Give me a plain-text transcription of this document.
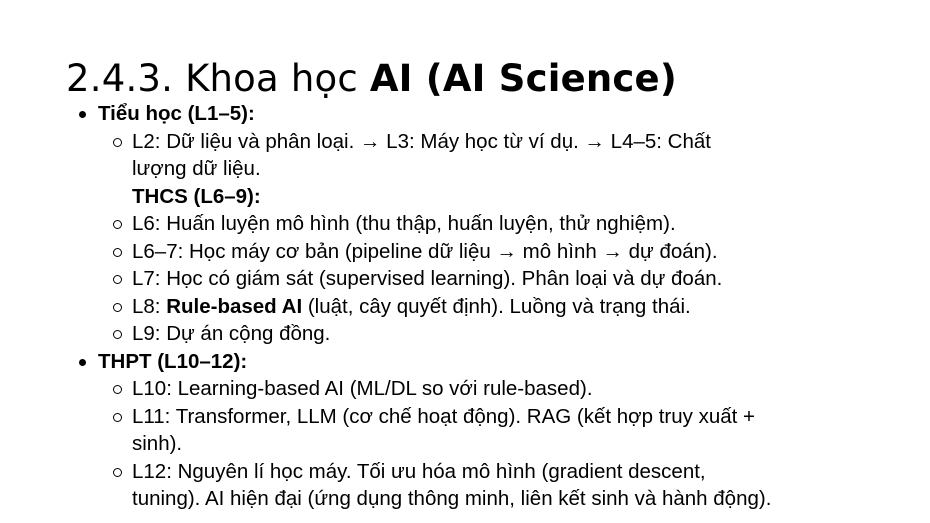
2.4.3. Khoa học AI (AI Science)
Tiểu học (L1–5):
L2: Dữ liệu và phân loại. → L3: Máy học từ ví dụ. → L4–5: Chất
lượng dữ liệu.
THCS (L6–9):
L6: Huấn luyện mô hình (thu thập, huấn luyện, thử nghiệm).
L6–7: Học máy cơ bản (pipeline dữ liệu → mô hình → dự đoán).
L7: Học có giám sát (supervised learning). Phân loại và dự đoán.
L8: Rule-based AI (luật, cây quyết định). Luồng và trạng thái.
L9: Dự án cộng đồng.
THPT (L10–12):
L10: Learning-based AI (ML/DL so với rule-based).
L11: Transformer, LLM (cơ chế hoạt động). RAG (kết hợp truy xuất +
sinh).
L12: Nguyên lí học máy. Tối ưu hóa mô hình (gradient descent,
tuning). AI hiện đại (ứng dụng thông minh, liên kết sinh và hành động).
